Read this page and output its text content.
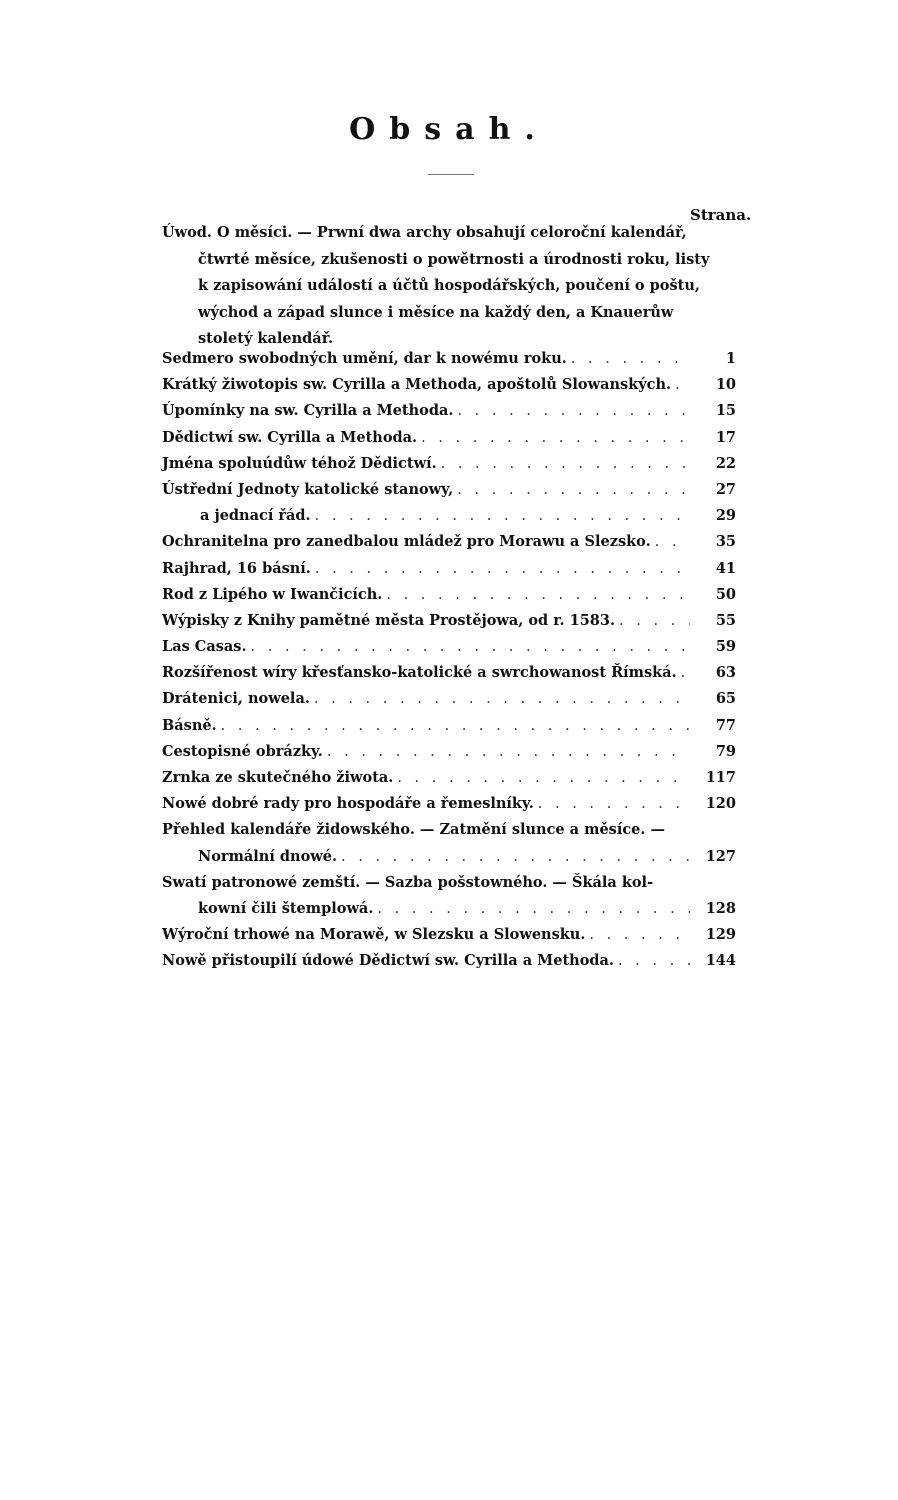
Obsah.
Strana.
Úwod. O měsíci. — Prwní dwa archy obsahují celoroční kalendář,
čtwrté měsíce, zkušenosti o powětrnosti a úrodnosti roku, listy
k zapisowání událostí a účtů hospodářských, poučení o poštu,
wýchod a západ slunce i měsíce na každý den, a Knauerůw
stoletý kalendář.
Sedmero swobodných umění, dar k nowému roku. . . .	1
Krátký žiwotopis sw. Cyrilla a Methoda, apoštolů Slowanských. . . .	10
Úpomínky na sw. Cyrilla a Methoda. . . .	15
Dědictwí sw. Cyrilla a Methoda. . . .	17
Jména spoluúdůw téhož Dědictwí. . . .	22
Ústřední Jednoty katolické stanowy, . . .	27
a jednací řád. . . .	29
Ochranitelna pro zanedbalou mládež pro Morawu a Slezsko. . . .	35
Rajhrad, 16 básní. . . .	41
Rod z Lipého w Iwančicích. . . .	50
Wýpisky z Knihy pamětné města Prostějowa, od r. 1583. . . .	55
Las Casas. . . .	59
Rozšířenost wíry křesťansko-katolické a swrchowanost Římská. . . .	63
Drátenici, nowela. . . .	65
Básně. . . .	77
Cestopisné obrázky. . . .	79
Zrnka ze skutečného žiwota. . . .	117
Nowé dobré rady pro hospodáře a řemeslníky. . . .	120
Přehled kalendáře židowského. — Zatmění slunce a měsíce. —
Normální dnowé. . . .	127
Swatí patronowé zemští. — Sazba pošstowného. — Škála kol-
kowní čili štemplowá. . . .	128
Wýroční trhowé na Morawě, w Slezsku a Slowensku. . . .	129
Nowě přistoupilí údowé Dědictwí sw. Cyrilla a Methoda. . . .	144
